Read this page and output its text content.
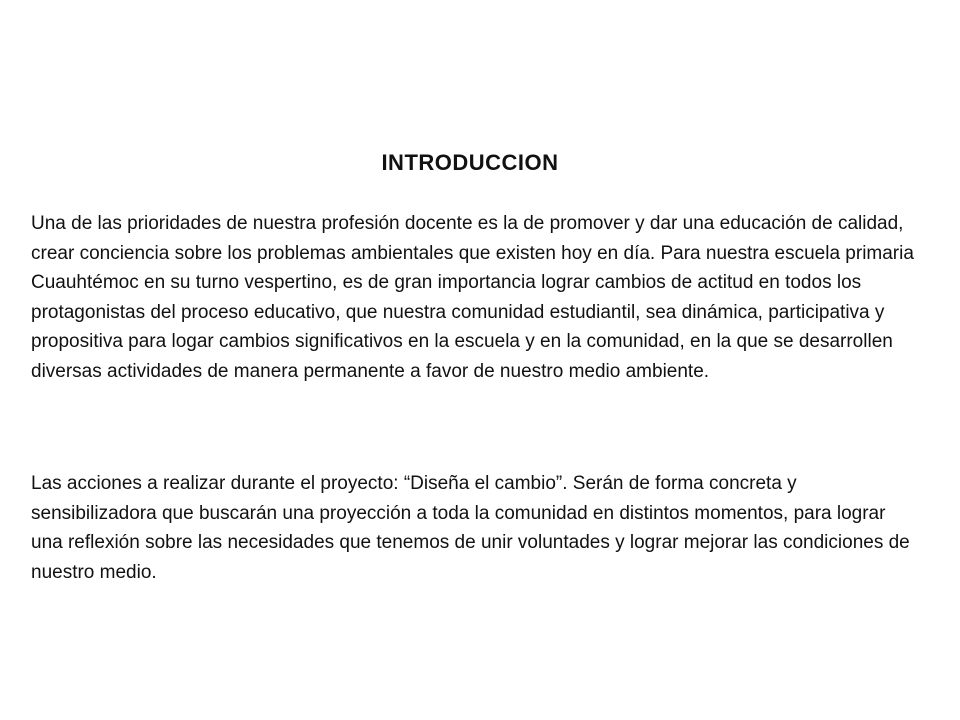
INTRODUCCION

Una de las prioridades de nuestra profesión docente es la de promover y dar una educación de calidad, crear conciencia sobre los problemas ambientales que existen hoy en día. Para nuestra escuela primaria Cuauhtémoc en su turno vespertino, es de gran importancia lograr cambios de actitud en todos los protagonistas del proceso educativo, que nuestra comunidad estudiantil, sea dinámica, participativa y propositiva para logar cambios significativos en la escuela y en la comunidad, en la que se desarrollen diversas actividades de manera permanente a favor de nuestro medio ambiente.

Las acciones a realizar durante el proyecto: “Diseña el cambio”. Serán de forma concreta y sensibilizadora que buscarán una proyección a toda la comunidad en distintos momentos, para lograr una reflexión sobre las necesidades que tenemos de unir voluntades y lograr mejorar las condiciones de nuestro medio.
